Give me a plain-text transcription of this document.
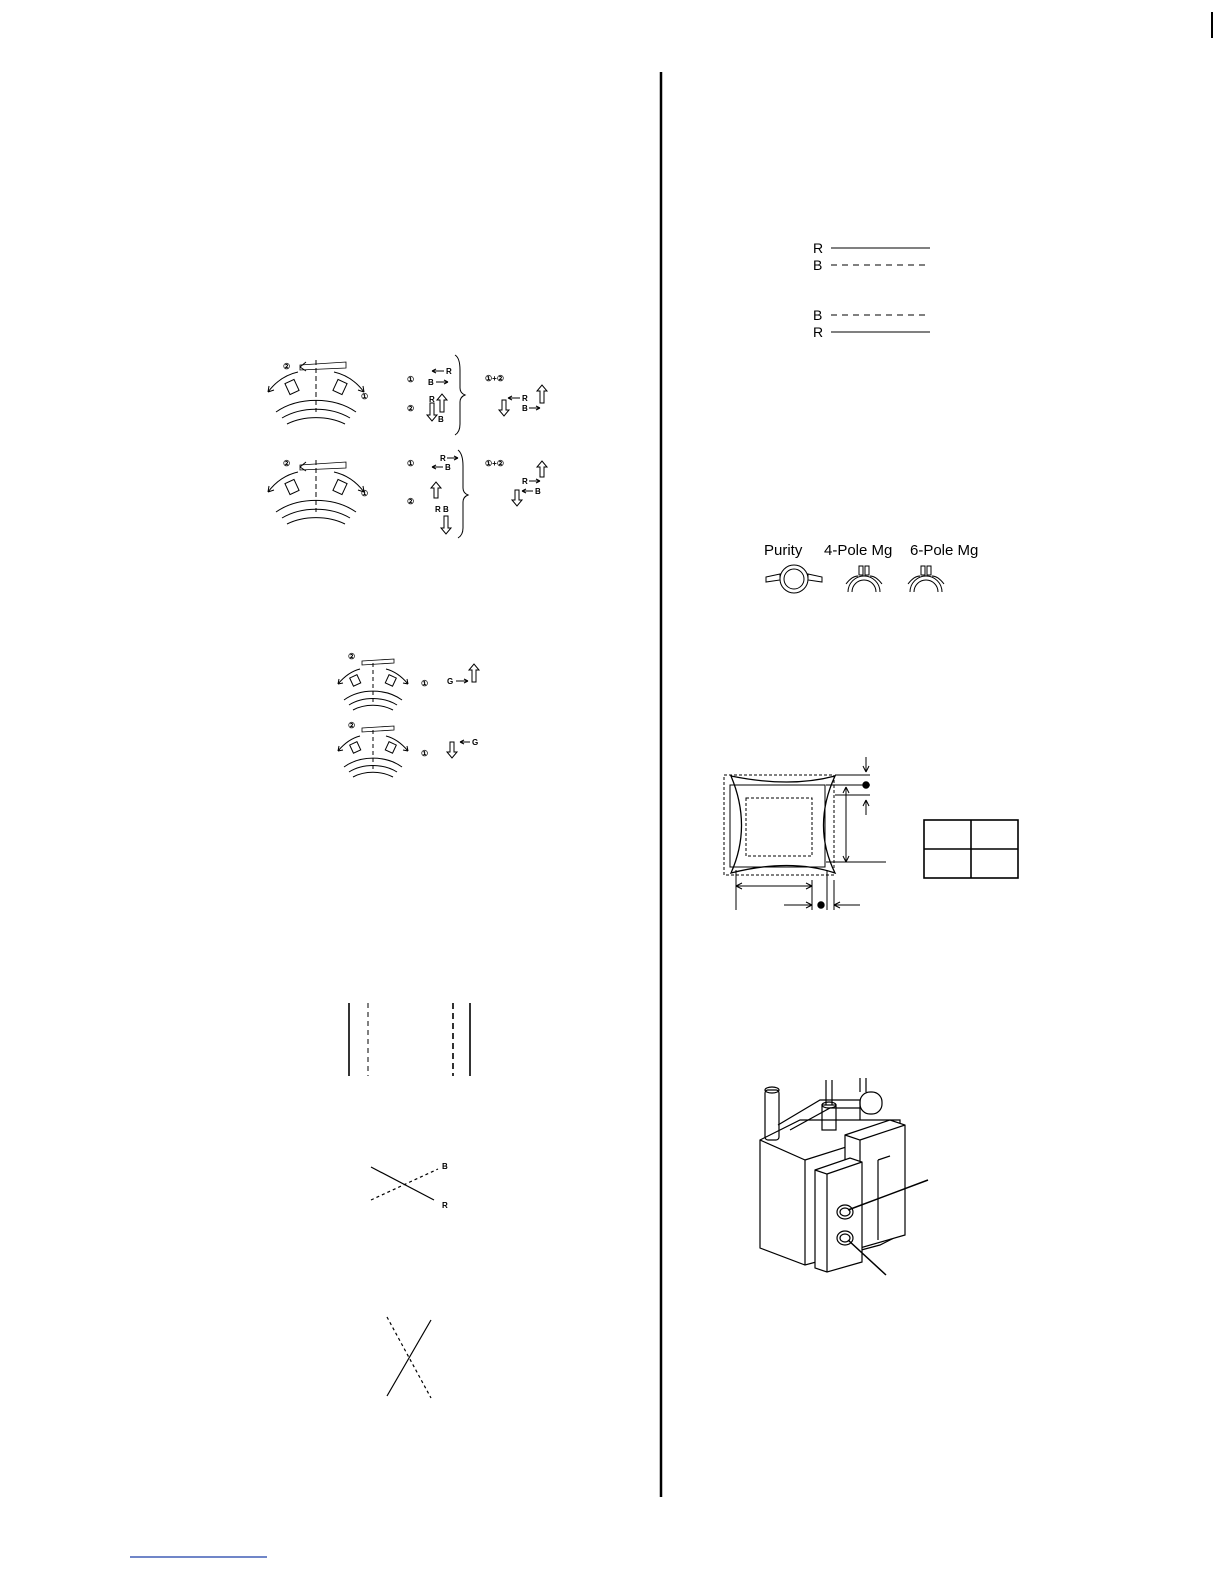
②
①
①
R
B
②
R
B
①+②
R
B
②
①
①
R
B
②
R B
①+②
R
B
②
① G
②
①
G
B
R
R
B
B
R
Purity 4-Pole Mg 6-Pole Mg
